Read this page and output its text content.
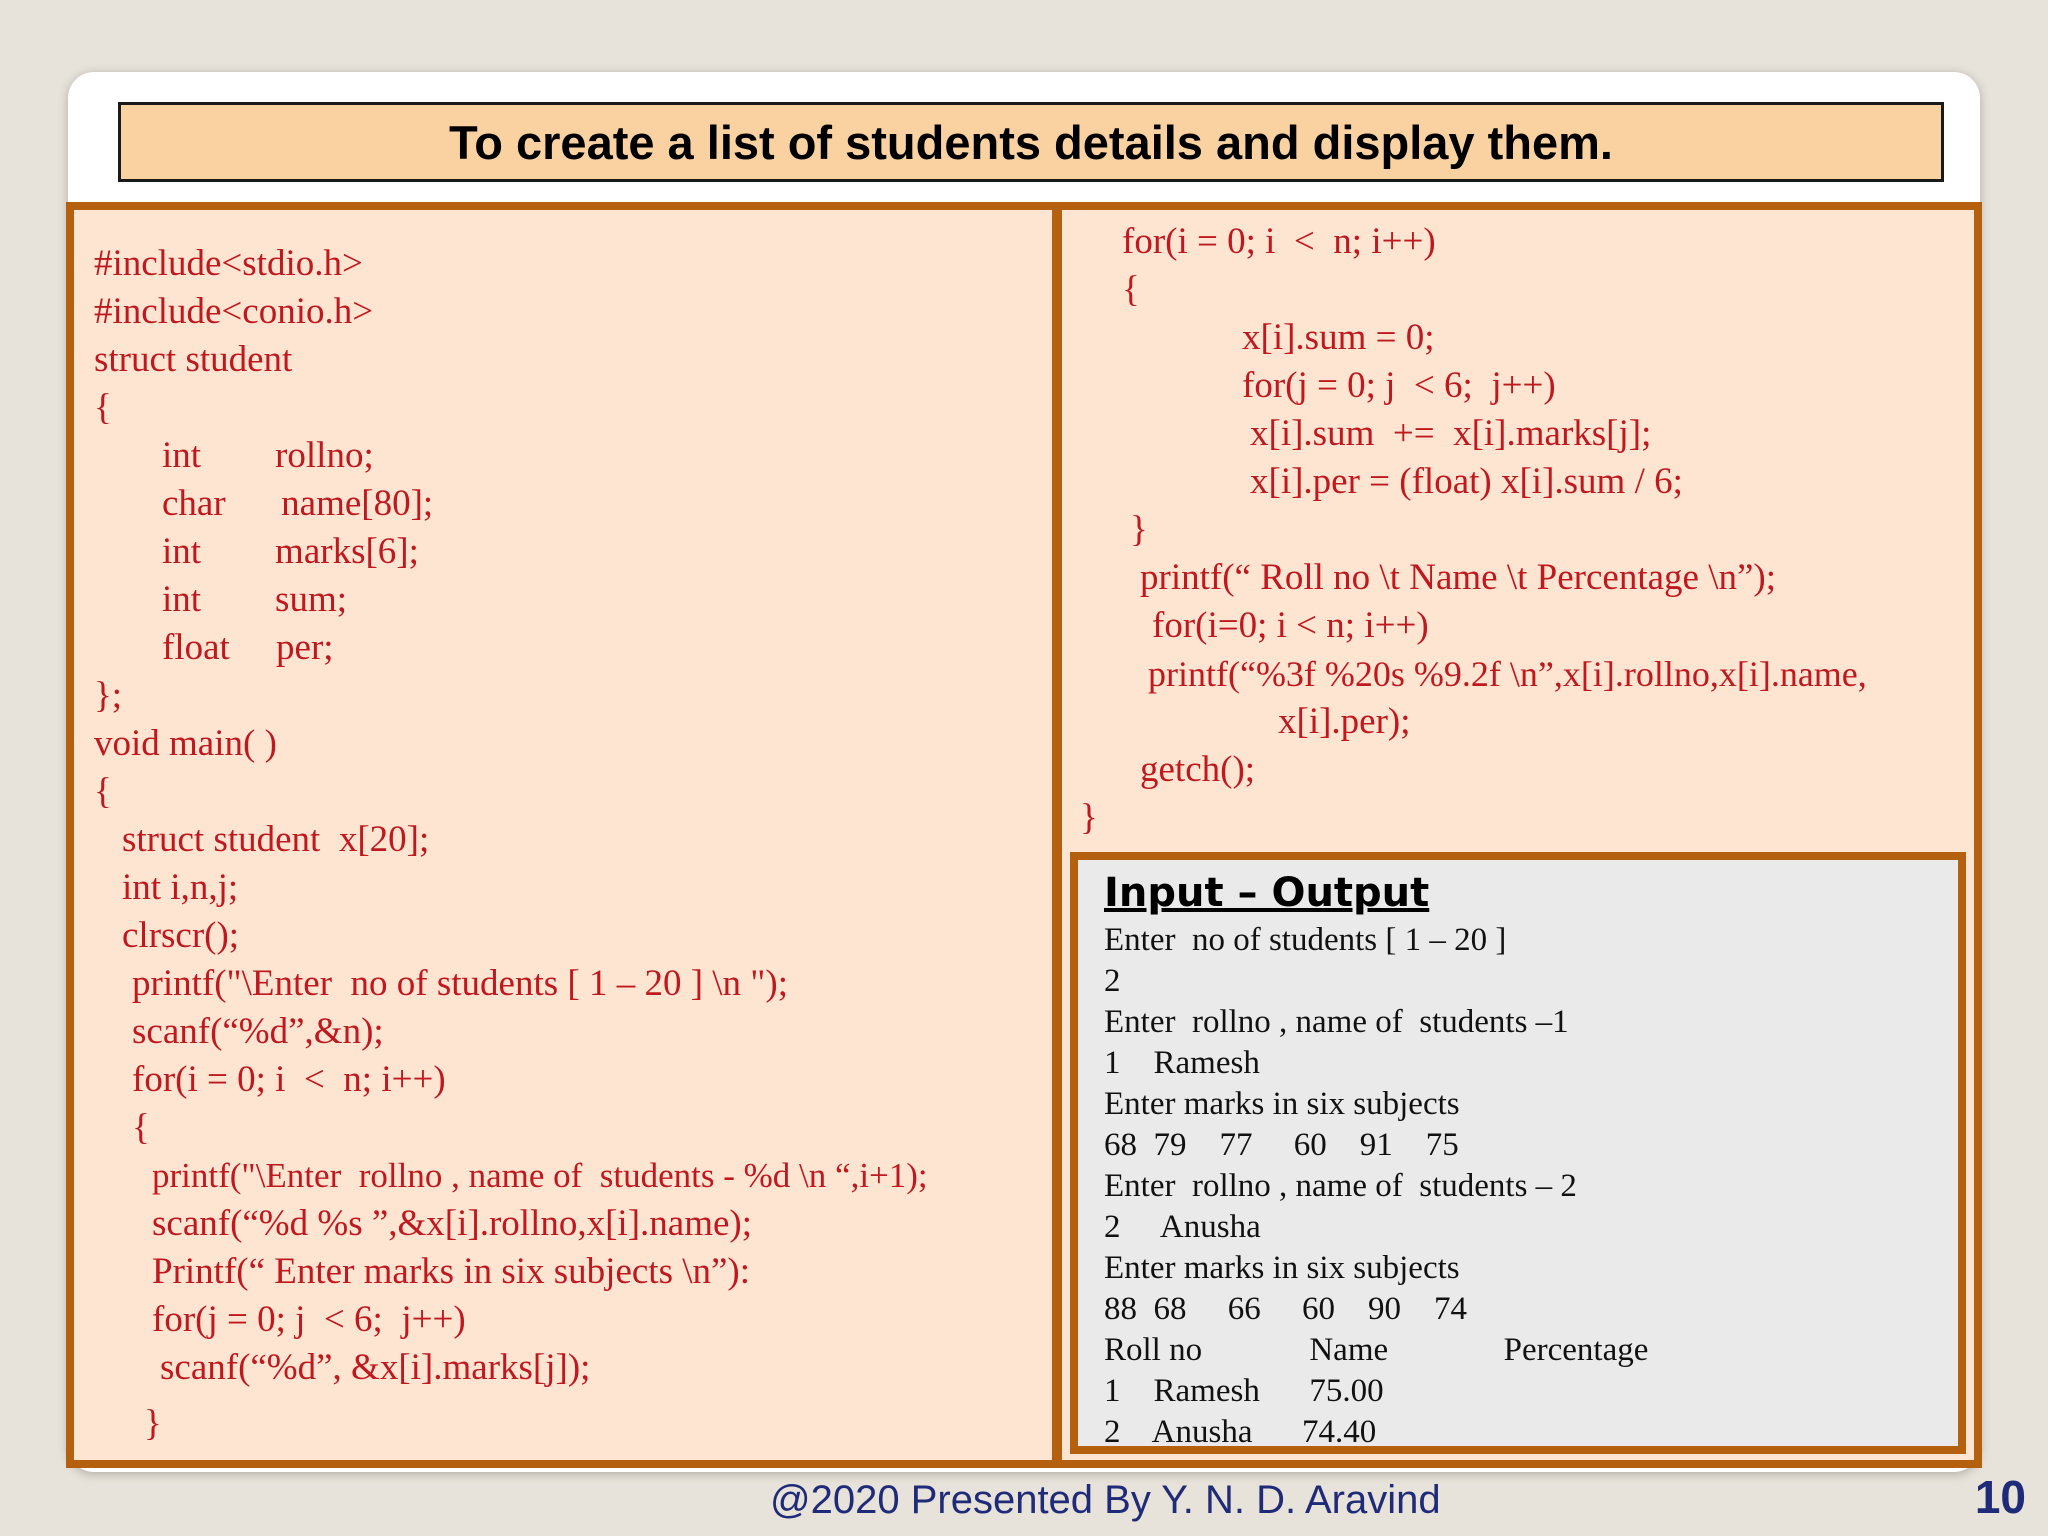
To create a list of students details and display them.
#include<stdio.h>
#include<conio.h>
struct student
{
int        rollno;
char      name[80];
int        marks[6];
int        sum;
float     per;
};
void main( )
{
struct student  x[20];
int i,n,j;
clrscr();
printf("\Enter  no of students [ 1 – 20 ] \n ");
scanf(“%d”,&n);
for(i = 0; i  <  n; i++)
{
printf("\Enter  rollno , name of  students - %d \n “,i+1);
scanf(“%d %s ”,&x[i].rollno,x[i].name);
Printf(“ Enter marks in six subjects \n”):
for(j = 0; j  < 6;  j++)
scanf(“%d”, &x[i].marks[j]);
}
for(i = 0; i  <  n; i++)
{
x[i].sum = 0;
for(j = 0; j  < 6;  j++)
x[i].sum  +=  x[i].marks[j];
x[i].per = (float) x[i].sum / 6;
}
printf(“ Roll no \t Name \t Percentage \n”);
for(i=0; i < n; i++)
printf(“%3f %20s %9.2f \n”,x[i].rollno,x[i].name,
x[i].per);
getch();
}
Input – Output
Enter  no of students [ 1 – 20 ]
2
Enter  rollno , name of  students –1
1    Ramesh
Enter marks in six subjects
68  79    77     60    91    75
Enter  rollno , name of  students – 2
2     Anusha
Enter marks in six subjects
88  68     66     60    90    74
Roll no             Name              Percentage
1    Ramesh      75.00
2    Anusha      74.40
@2020 Presented By Y. N. D. Aravind	10
